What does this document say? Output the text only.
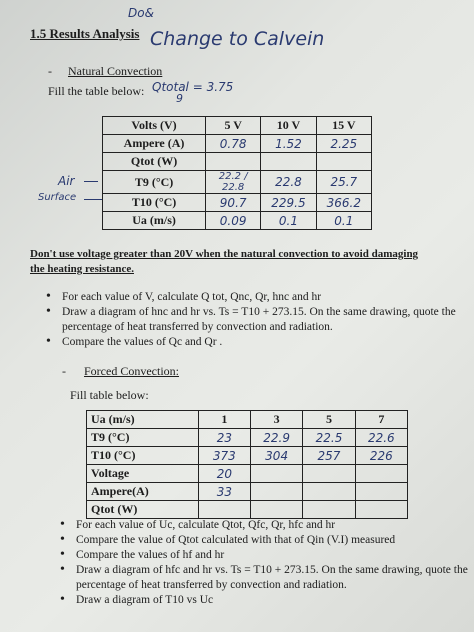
1.5 Results Analysis
Do&
Change to Calvein
- Natural Convection
Fill the table below: Qtotal = 3.75
9
Air
Surface
Volts (V)	5 V	10 V	15 V
Ampere (A)	0.78	1.52	2.25
Qtot (W)			
T9 (°C)	22.2 / 22.8	22.8	25.7
T10 (°C)	90.7	229.5	366.2
Ua (m/s)	0.09	0.1	0.1
Don't use voltage greater than 20V when the natural convection to avoid damaging
the heating resistance.
• For each value of V, calculate Q tot, Qnc, Qr, hnc and hr
• Draw a diagram of hnc and hr vs. Ts = T10 + 273.15. On the same drawing, quote the
percentage of heat transferred by convection and radiation.
• Compare the values of Qc and Qr .
- Forced Convection:
Fill table below:
Ua (m/s)	1	3	5	7
T9 (°C)	23	22.9	22.5	22.6
T10 (°C)	373	304	257	226
Voltage	20			
Ampere(A)	33			
Qtot (W)				
• For each value of Uc, calculate Qtot, Qfc, Qr, hfc and hr
• Compare the value of Qtot calculated with that of Qin (V.I) measured
• Compare the values of hf and hr
• Draw a diagram of hfc and hr vs. Ts = T10 + 273.15. On the same drawing, quote the
percentage of heat transferred by convection and radiation.
• Draw a diagram of T10 vs Uc
